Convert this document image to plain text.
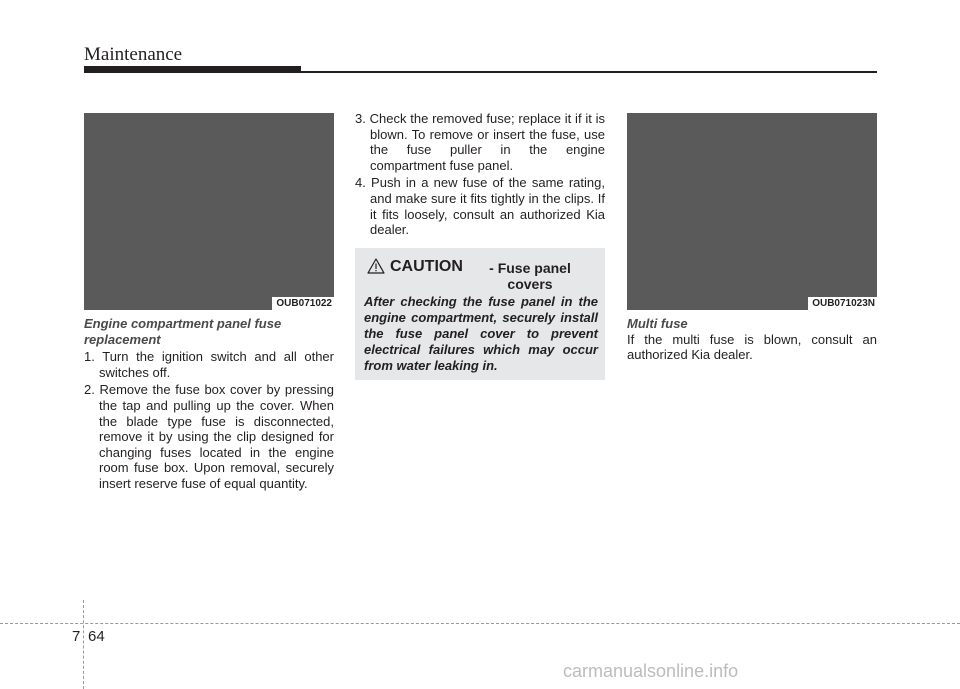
Maintenance
OUB071022

Engine compartment panel fuse
replacement

1. Turn the ignition switch and all other switches off.

2. Remove the fuse box cover by pressing the tap and pulling up the cover. When the blade type fuse is disconnected, remove it by using the clip designed for changing fuses located in the engine room fuse box. Upon removal, securely insert reserve fuse of equal quantity.

3. Check the removed fuse; replace it if it is blown. To remove or insert the fuse, use the fuse puller in the engine compartment fuse panel.

4. Push in a new fuse of the same rating, and make sure it fits tightly in the clips. If it fits loosely, consult an authorized Kia dealer.

CAUTION	- Fuse panel covers

After checking the fuse panel in the engine compartment, securely install the fuse panel cover to prevent electrical failures which may occur from water leaking in.

OUB071023N

Multi fuse

If the multi fuse is blown, consult an authorized Kia dealer.

7 64
carmanualsonline.info
